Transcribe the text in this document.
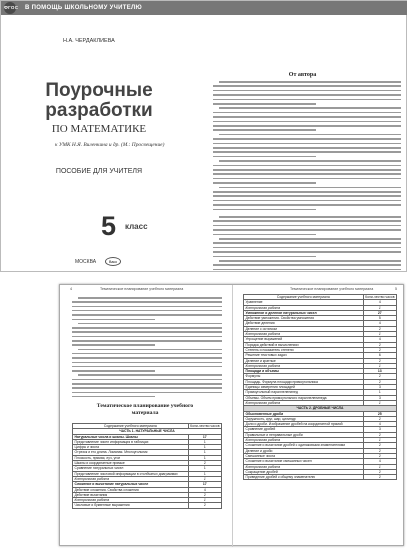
ФГОС В ПОМОЩЬ ШКОЛЬНОМУ УЧИТЕЛЮ
Н.А. ЧЕРДАКЛИЕВА
Поурочные
разработки
ПО МАТЕМАТИКЕ
к УМК Н.Я. Виленкина и др. (М.: Просвещение)
ПОСОБИЕ ДЛЯ УЧИТЕЛЯ
5 класс
МОСКВА	Вако
От автора
4	Тематическое планирование учебного материала	Тематическое планирование учебного материала	5
Тематическое планирование учебного материала
Содержание учебного материала	Коли-чество часов
ЧАСТЬ 1. НАТУРАЛЬНЫЕ ЧИСЛА	
Натуральные числа и шкалы. Шкалы	17
Представление чисел информация в таблицах	1
Цифры и числа	1
Отрезок и его длина. Ломаная. Многоугольник	1
Плоскость, прямая, луч, угол	1
Шкалы и координатные прямые	2
Сравнение натуральных чисел	1
Представление числовой информации в столбчатых диаграммах	1
Контрольная работа	1
Сложение и вычитание натуральных чисел	17
Действие сложения. Свойства сложения	4
Действие вычитания	2
Контрольная работа	1
Числовые и буквенные выражения	2
Содержание учебного материала	Коли-чество часов
Уравнение	4
Контрольная работа	1
Умножение и деление натуральных чисел	27
Действие умножения. Свойства умножения	5
Действие деления	4
Деление с остатком	2
Контрольная работа	1
Упрощение выражений	4
Порядок действий в вычислениях	2
Степень и показатель степени	2
Решение текстовых задач	6
Деление и кратные	2
Контрольная работа	1
Площади и объемы	13
Формулы	2
Площадь. Формула площади прямоугольника	2
Единицы измерения площадей	3
Прямоугольный параллелепипед	1
Объемы. Объем прямоугольного параллелепипеда	3
Контрольная работа	1
ЧАСТЬ 2. ДРОБНЫЕ ЧИСЛА	
Обыкновенные дроби	25
Окружность, круг, шар, цилиндр	2
Доли и дроби. Изображение дробей на координатной прямой	4
Сравнение дробей	3
Правильные и неправильные дроби	2
Контрольная работа	1
Сложение и вычитание дробей с одинаковыми знаменателями	2
Деление и дроби	2
Смешанные числа	2
Сложение и вычитание смешанных чисел	4
Контрольная работа	1
Сокращение дробей	2
Приведение дробей к общему знаменателю	2
